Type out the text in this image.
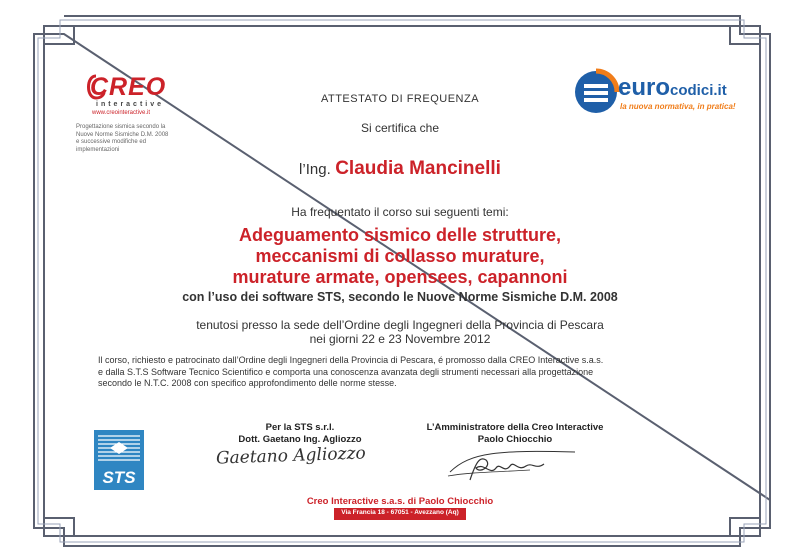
CREO
interactive
www.creointeractive.it
Progettazione sismica secondo la
Nuove Norme Sismiche D.M. 2008
e successive modifiche ed
implementazioni
eurocodici.it
la nuova normativa, in pratica!
ATTESTATO DI FREQUENZA
Si certifica che
l’Ing. Claudia Mancinelli
Ha frequentato il corso sui seguenti temi:
Adeguamento sismico delle strutture,
meccanismi di collasso murature,
murature armate, opensees, capannoni
con l’uso dei software STS, secondo le Nuove Norme Sismiche D.M. 2008
tenutosi presso la sede dell’Ordine degli Ingegneri della Provincia di Pescara
nei giorni 22 e 23 Novembre 2012
Il corso, richiesto e patrocinato dall’Ordine degli Ingegneri della Provincia di Pescara, é promosso dalla CREO Interactive s.a.s.
e dalla S.T.S Software Tecnico Scientifico e comporta una conoscenza avanzata degli strumenti necessari alla progettazione
secondo le N.T.C. 2008 con specifico approfondimento delle norme stesse.
STS
Per la STS s.r.l.
Dott. Gaetano Ing. Agliozzo
Gaetano Agliozzo
L’Amministratore della Creo Interactive
Paolo Chiocchio
Creo Interactive s.a.s. di Paolo Chiocchio
Via Francia 18 - 67051 - Avezzano (Aq)
